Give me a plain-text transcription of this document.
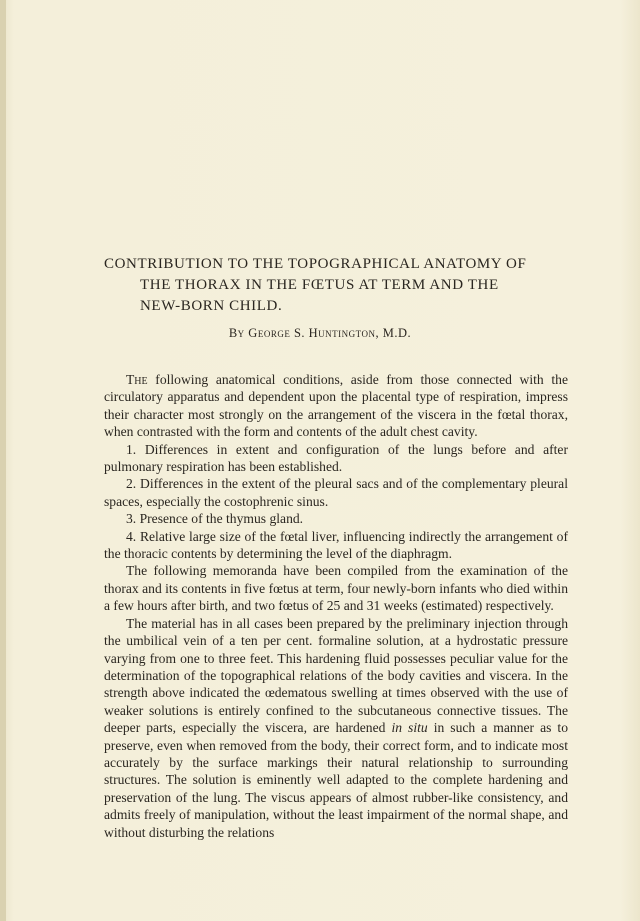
CONTRIBUTION TO THE TOPOGRAPHICAL ANATOMY OF
THE THORAX IN THE FŒTUS AT TERM AND THE
NEW-BORN CHILD.

By George S. Huntington, M.D.

The following anatomical conditions, aside from those connected with the circulatory apparatus and dependent upon the placental type of respiration, impress their character most strongly on the arrangement of the viscera in the fœtal thorax, when contrasted with the form and contents of the adult chest cavity.

1. Differences in extent and configuration of the lungs before and after pulmonary respiration has been established.

2. Differences in the extent of the pleural sacs and of the complementary pleural spaces, especially the costophrenic sinus.

3. Presence of the thymus gland.

4. Relative large size of the fœtal liver, influencing indirectly the arrangement of the thoracic contents by determining the level of the diaphragm.

The following memoranda have been compiled from the examination of the thorax and its contents in five fœtus at term, four newly-born infants who died within a few hours after birth, and two fœtus of 25 and 31 weeks (estimated) respectively.

The material has in all cases been prepared by the preliminary injection through the umbilical vein of a ten per cent. formaline solution, at a hydrostatic pressure varying from one to three feet. This hardening fluid possesses peculiar value for the determination of the topographical relations of the body cavities and viscera. In the strength above indicated the œdematous swelling at times observed with the use of weaker solutions is entirely confined to the subcutaneous connective tissues. The deeper parts, especially the viscera, are hardened in situ in such a manner as to preserve, even when removed from the body, their correct form, and to indicate most accurately by the surface markings their natural relationship to surrounding structures. The solution is eminently well adapted to the complete hardening and preservation of the lung. The viscus appears of almost rubber-like consistency, and admits freely of manipulation, without the least impairment of the normal shape, and without disturbing the relations
